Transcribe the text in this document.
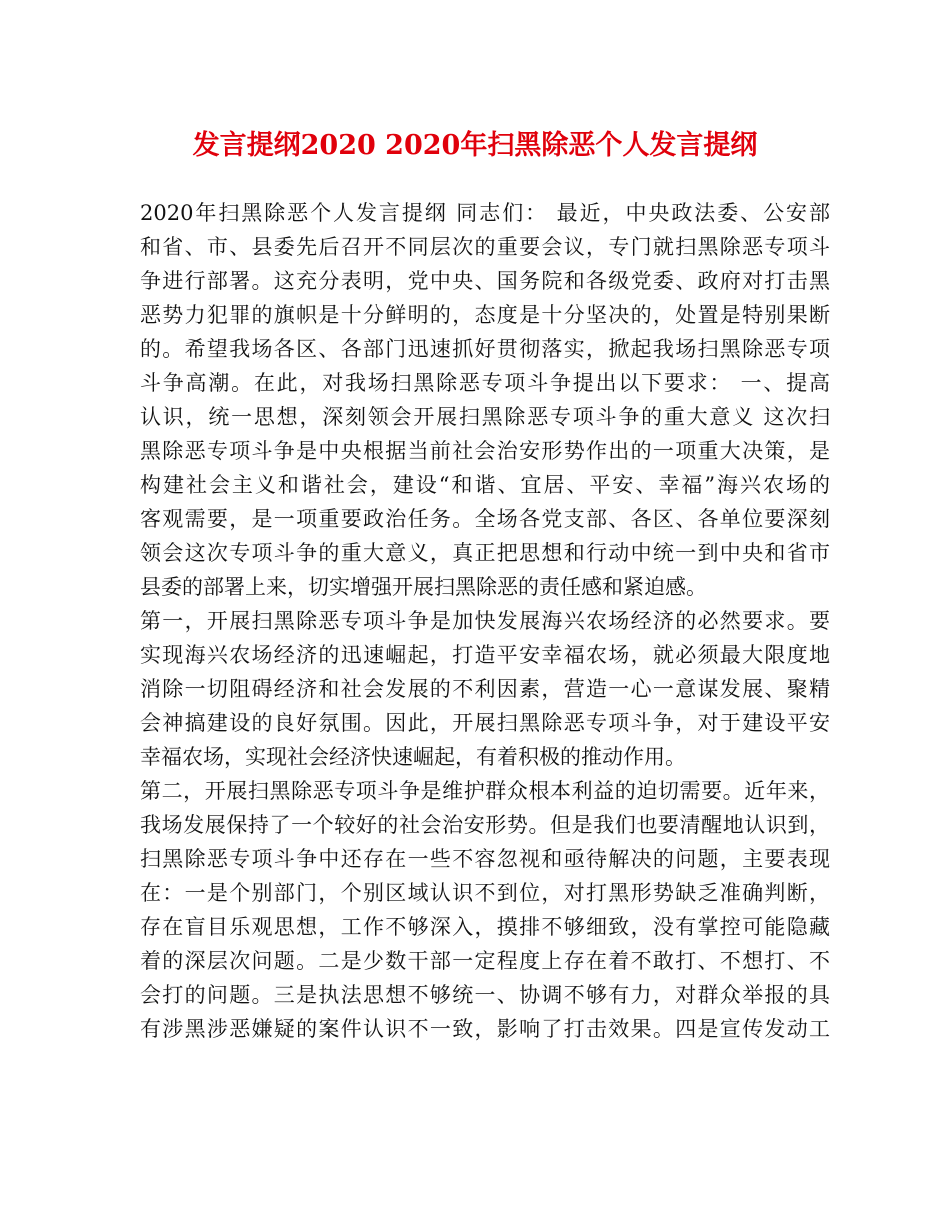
发言提纲2020 2020年扫黑除恶个人发言提纲
2020年扫黑除恶个人发言提纲 同志们： 最近，中央政法委、公安部
和省、市、县委先后召开不同层次的重要会议，专门就扫黑除恶专项斗
争进行部署。这充分表明，党中央、国务院和各级党委、政府对打击黑
恶势力犯罪的旗帜是十分鲜明的，态度是十分坚决的，处置是特别果断
的。希望我场各区、各部门迅速抓好贯彻落实，掀起我场扫黑除恶专项
斗争高潮。在此，对我场扫黑除恶专项斗争提出以下要求： 一、提高
认识，统一思想，深刻领会开展扫黑除恶专项斗争的重大意义 这次扫
黑除恶专项斗争是中央根据当前社会治安形势作出的一项重大决策，是
构建社会主义和谐社会，建设“和谐、宜居、平安、幸福”海兴农场的
客观需要，是一项重要政治任务。全场各党支部、各区、各单位要深刻
领会这次专项斗争的重大意义，真正把思想和行动中统一到中央和省市
县委的部署上来，切实增强开展扫黑除恶的责任感和紧迫感。
第一，开展扫黑除恶专项斗争是加快发展海兴农场经济的必然要求。要
实现海兴农场经济的迅速崛起，打造平安幸福农场，就必须最大限度地
消除一切阻碍经济和社会发展的不利因素，营造一心一意谋发展、聚精
会神搞建设的良好氛围。因此，开展扫黑除恶专项斗争，对于建设平安
幸福农场，实现社会经济快速崛起，有着积极的推动作用。
第二，开展扫黑除恶专项斗争是维护群众根本利益的迫切需要。近年来，
我场发展保持了一个较好的社会治安形势。但是我们也要清醒地认识到，
扫黑除恶专项斗争中还存在一些不容忽视和亟待解决的问题，主要表现
在：一是个别部门，个别区域认识不到位，对打黑形势缺乏准确判断，
存在盲目乐观思想，工作不够深入，摸排不够细致，没有掌控可能隐藏
着的深层次问题。二是少数干部一定程度上存在着不敢打、不想打、不
会打的问题。三是执法思想不够统一、协调不够有力，对群众举报的具
有涉黑涉恶嫌疑的案件认识不一致，影响了打击效果。四是宣传发动工
